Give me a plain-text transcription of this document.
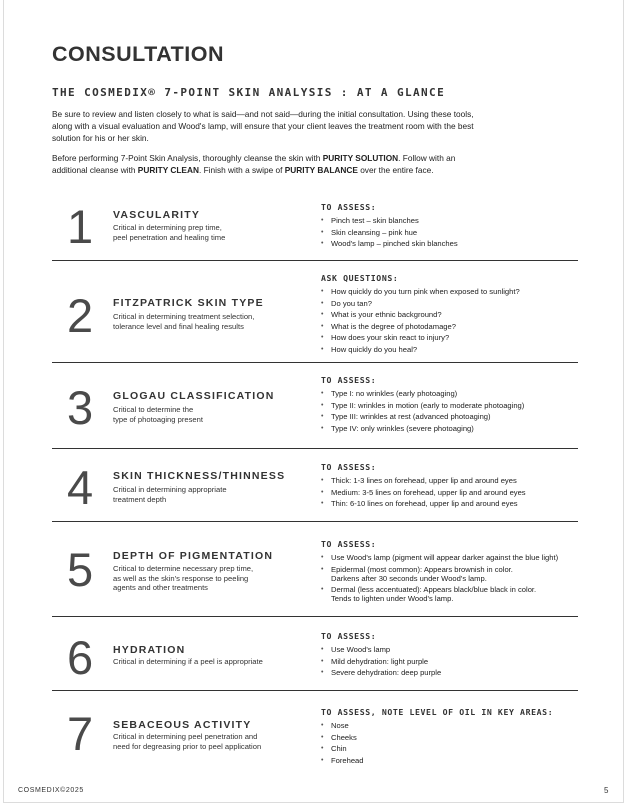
CONSULTATION
THE COSMEDIX® 7-POINT SKIN ANALYSIS : AT A GLANCE

Be sure to review and listen closely to what is said—and not said—during the initial consultation. Using these tools, along with a visual evaluation and Wood's lamp, will ensure that your client leaves the treatment room with the best solution for his or her skin.

Before performing 7-Point Skin Analysis, thoroughly cleanse the skin with PURITY SOLUTION. Follow with an additional cleanse with PURITY CLEAN. Finish with a swipe of PURITY BALANCE over the entire face.

1 VASCULARITY
Critical in determining prep time,
peel penetration and healing time
TO ASSESS:
• Pinch test – skin blanches
• Skin cleansing – pink hue
• Wood's lamp – pinched skin blanches
2 FITZPATRICK SKIN TYPE
Critical in determining treatment selection,
tolerance level and final healing results
ASK QUESTIONS:
• How quickly do you turn pink when exposed to sunlight?
• Do you tan?
• What is your ethnic background?
• What is the degree of photodamage?
• How does your skin react to injury?
• How quickly do you heal?
3 GLOGAU CLASSIFICATION
Critical to determine the
type of photoaging present
TO ASSESS:
• Type I: no wrinkles (early photoaging)
• Type II: wrinkles in motion (early to moderate photoaging)
• Type III: wrinkles at rest (advanced photoaging)
• Type IV: only wrinkles (severe photoaging)
4 SKIN THICKNESS/THINNESS
Critical in determining appropriate
treatment depth
TO ASSESS:
• Thick: 1-3 lines on forehead, upper lip and around eyes
• Medium: 3-5 lines on forehead, upper lip and around eyes
• Thin: 6-10 lines on forehead, upper lip and around eyes
5 DEPTH OF PIGMENTATION
Critical to determine necessary prep time,
as well as the skin's response to peeling
agents and other treatments
TO ASSESS:
• Use Wood's lamp (pigment will appear darker against the blue light)
• Epidermal (most common): Appears brownish in color.
Darkens after 30 seconds under Wood's lamp.
• Dermal (less accentuated): Appears black/blue black in color.
Tends to lighten under Wood's lamp.
6 HYDRATION
Critical in determining if a peel is appropriate
TO ASSESS:
• Use Wood's lamp
• Mild dehydration: light purple
• Severe dehydration: deep purple
7 SEBACEOUS ACTIVITY
Critical in determining peel penetration and
need for degreasing prior to peel application
TO ASSESS, NOTE LEVEL OF OIL IN KEY AREAS:
• Nose
• Cheeks
• Chin
• Forehead
COSMEDIX©2025	5
